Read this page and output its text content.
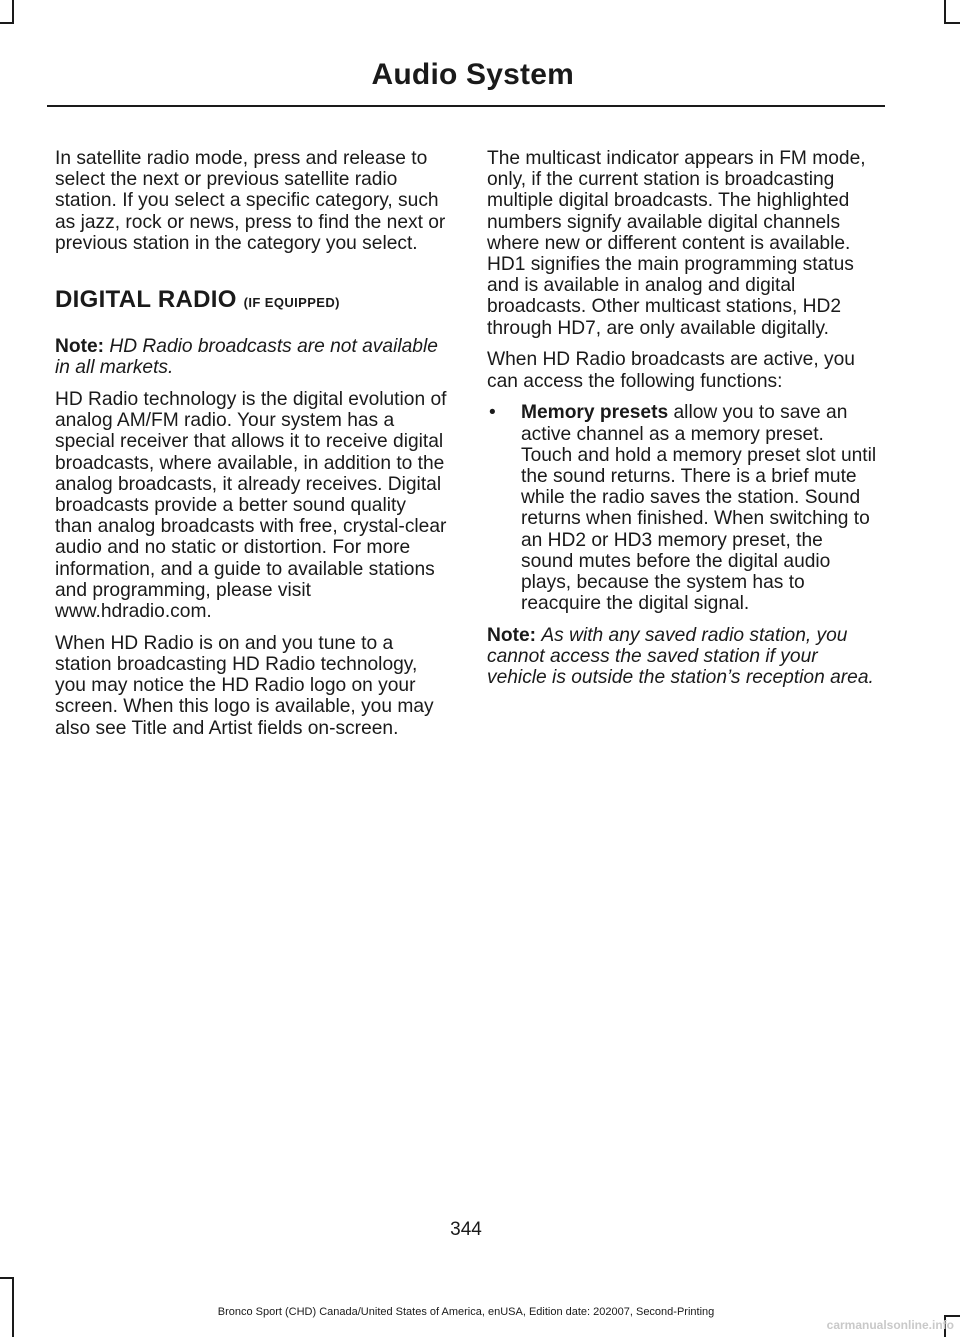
Audio System

In satellite radio mode, press and release to select the next or previous satellite radio station. If you select a specific category, such as jazz, rock or news, press to find the next or previous station in the category you select.

DIGITAL RADIO (IF EQUIPPED)

Note: HD Radio broadcasts are not available in all markets.

HD Radio technology is the digital evolution of analog AM/FM radio. Your system has a special receiver that allows it to receive digital broadcasts, where available, in addition to the analog broadcasts, it already receives. Digital broadcasts provide a better sound quality than analog broadcasts with free, crystal-clear audio and no static or distortion. For more information, and a guide to available stations and programming, please visit www.hdradio.com.

When HD Radio is on and you tune to a station broadcasting HD Radio technology, you may notice the HD Radio logo on your screen. When this logo is available, you may also see Title and Artist fields on-screen.

The multicast indicator appears in FM mode, only, if the current station is broadcasting multiple digital broadcasts. The highlighted numbers signify available digital channels where new or different content is available. HD1 signifies the main programming status and is available in analog and digital broadcasts. Other multicast stations, HD2 through HD7, are only available digitally.

When HD Radio broadcasts are active, you can access the following functions:

• Memory presets allow you to save an active channel as a memory preset. Touch and hold a memory preset slot until the sound returns. There is a brief mute while the radio saves the station. Sound returns when finished. When switching to an HD2 or HD3 memory preset, the sound mutes before the digital audio plays, because the system has to reacquire the digital signal.

Note: As with any saved radio station, you cannot access the saved station if your vehicle is outside the station’s reception area.

344

Bronco Sport (CHD) Canada/United States of America, enUSA, Edition date: 202007, Second-Printing

carmanualsonline.info
